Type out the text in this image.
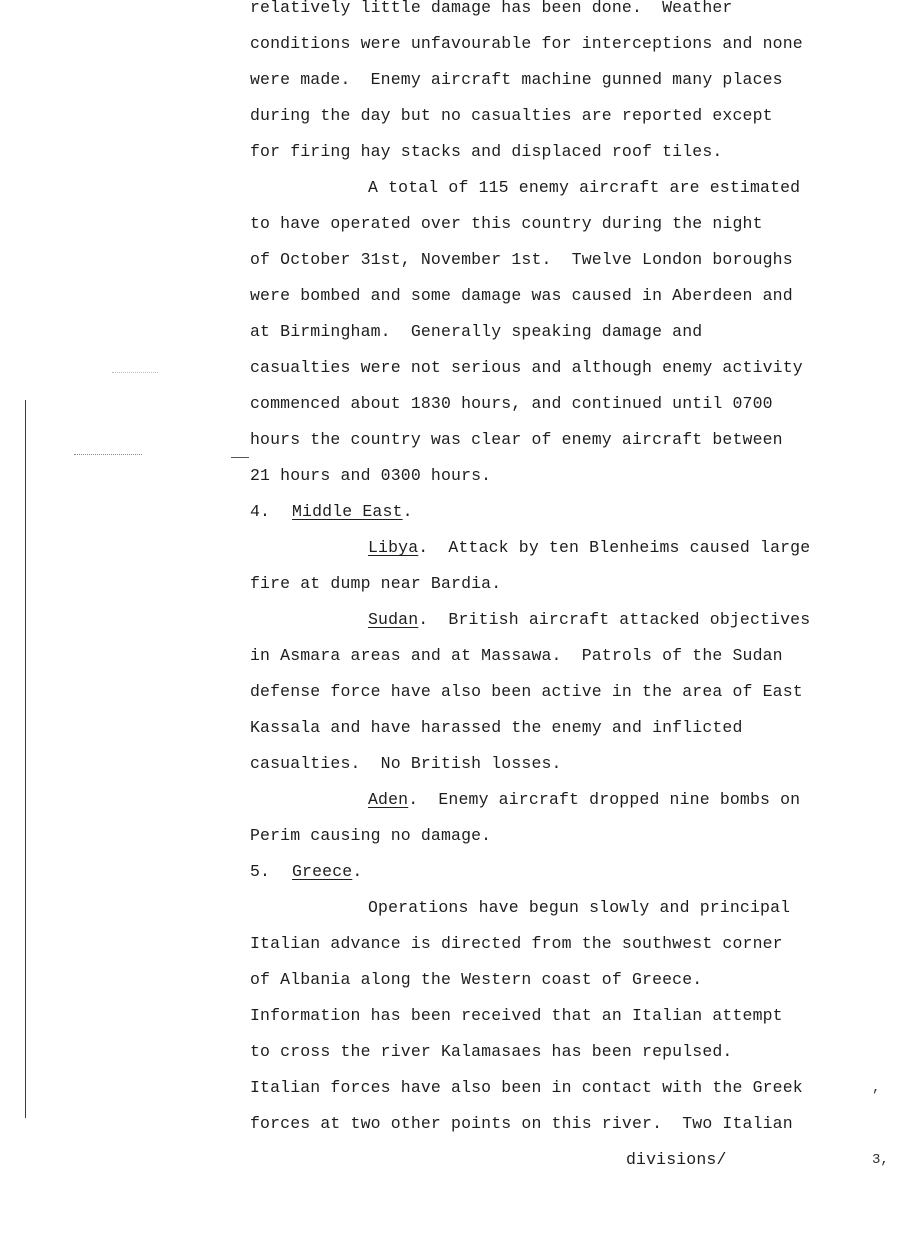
relatively little damage has been done.  Weather
conditions were unfavourable for interceptions and none
were made.  Enemy aircraft machine gunned many places
during the day but no casualties are reported except
for firing hay stacks and displaced roof tiles.
A total of 115 enemy aircraft are estimated
to have operated over this country during the night
of October 31st, November 1st.  Twelve London boroughs
were bombed and some damage was caused in Aberdeen and
at Birmingham.  Generally speaking damage and
casualties were not serious and although enemy activity
commenced about 1830 hours, and continued until 0700
hours the country was clear of enemy aircraft between
21 hours and 0300 hours.
4. Middle East.
Libya.  Attack by ten Blenheims caused large
fire at dump near Bardia.
Sudan.  British aircraft attacked objectives
in Asmara areas and at Massawa.  Patrols of the Sudan
defense force have also been active in the area of East
Kassala and have harassed the enemy and inflicted
casualties.  No British losses.
Aden.  Enemy aircraft dropped nine bombs on
Perim causing no damage.
5. Greece.
Operations have begun slowly and principal
Italian advance is directed from the southwest corner
of Albania along the Western coast of Greece.
Information has been received that an Italian attempt
to cross the river Kalamasaes has been repulsed.
Italian forces have also been in contact with the Greek
forces at two other points on this river.  Two Italian
divisions/
,
3,
